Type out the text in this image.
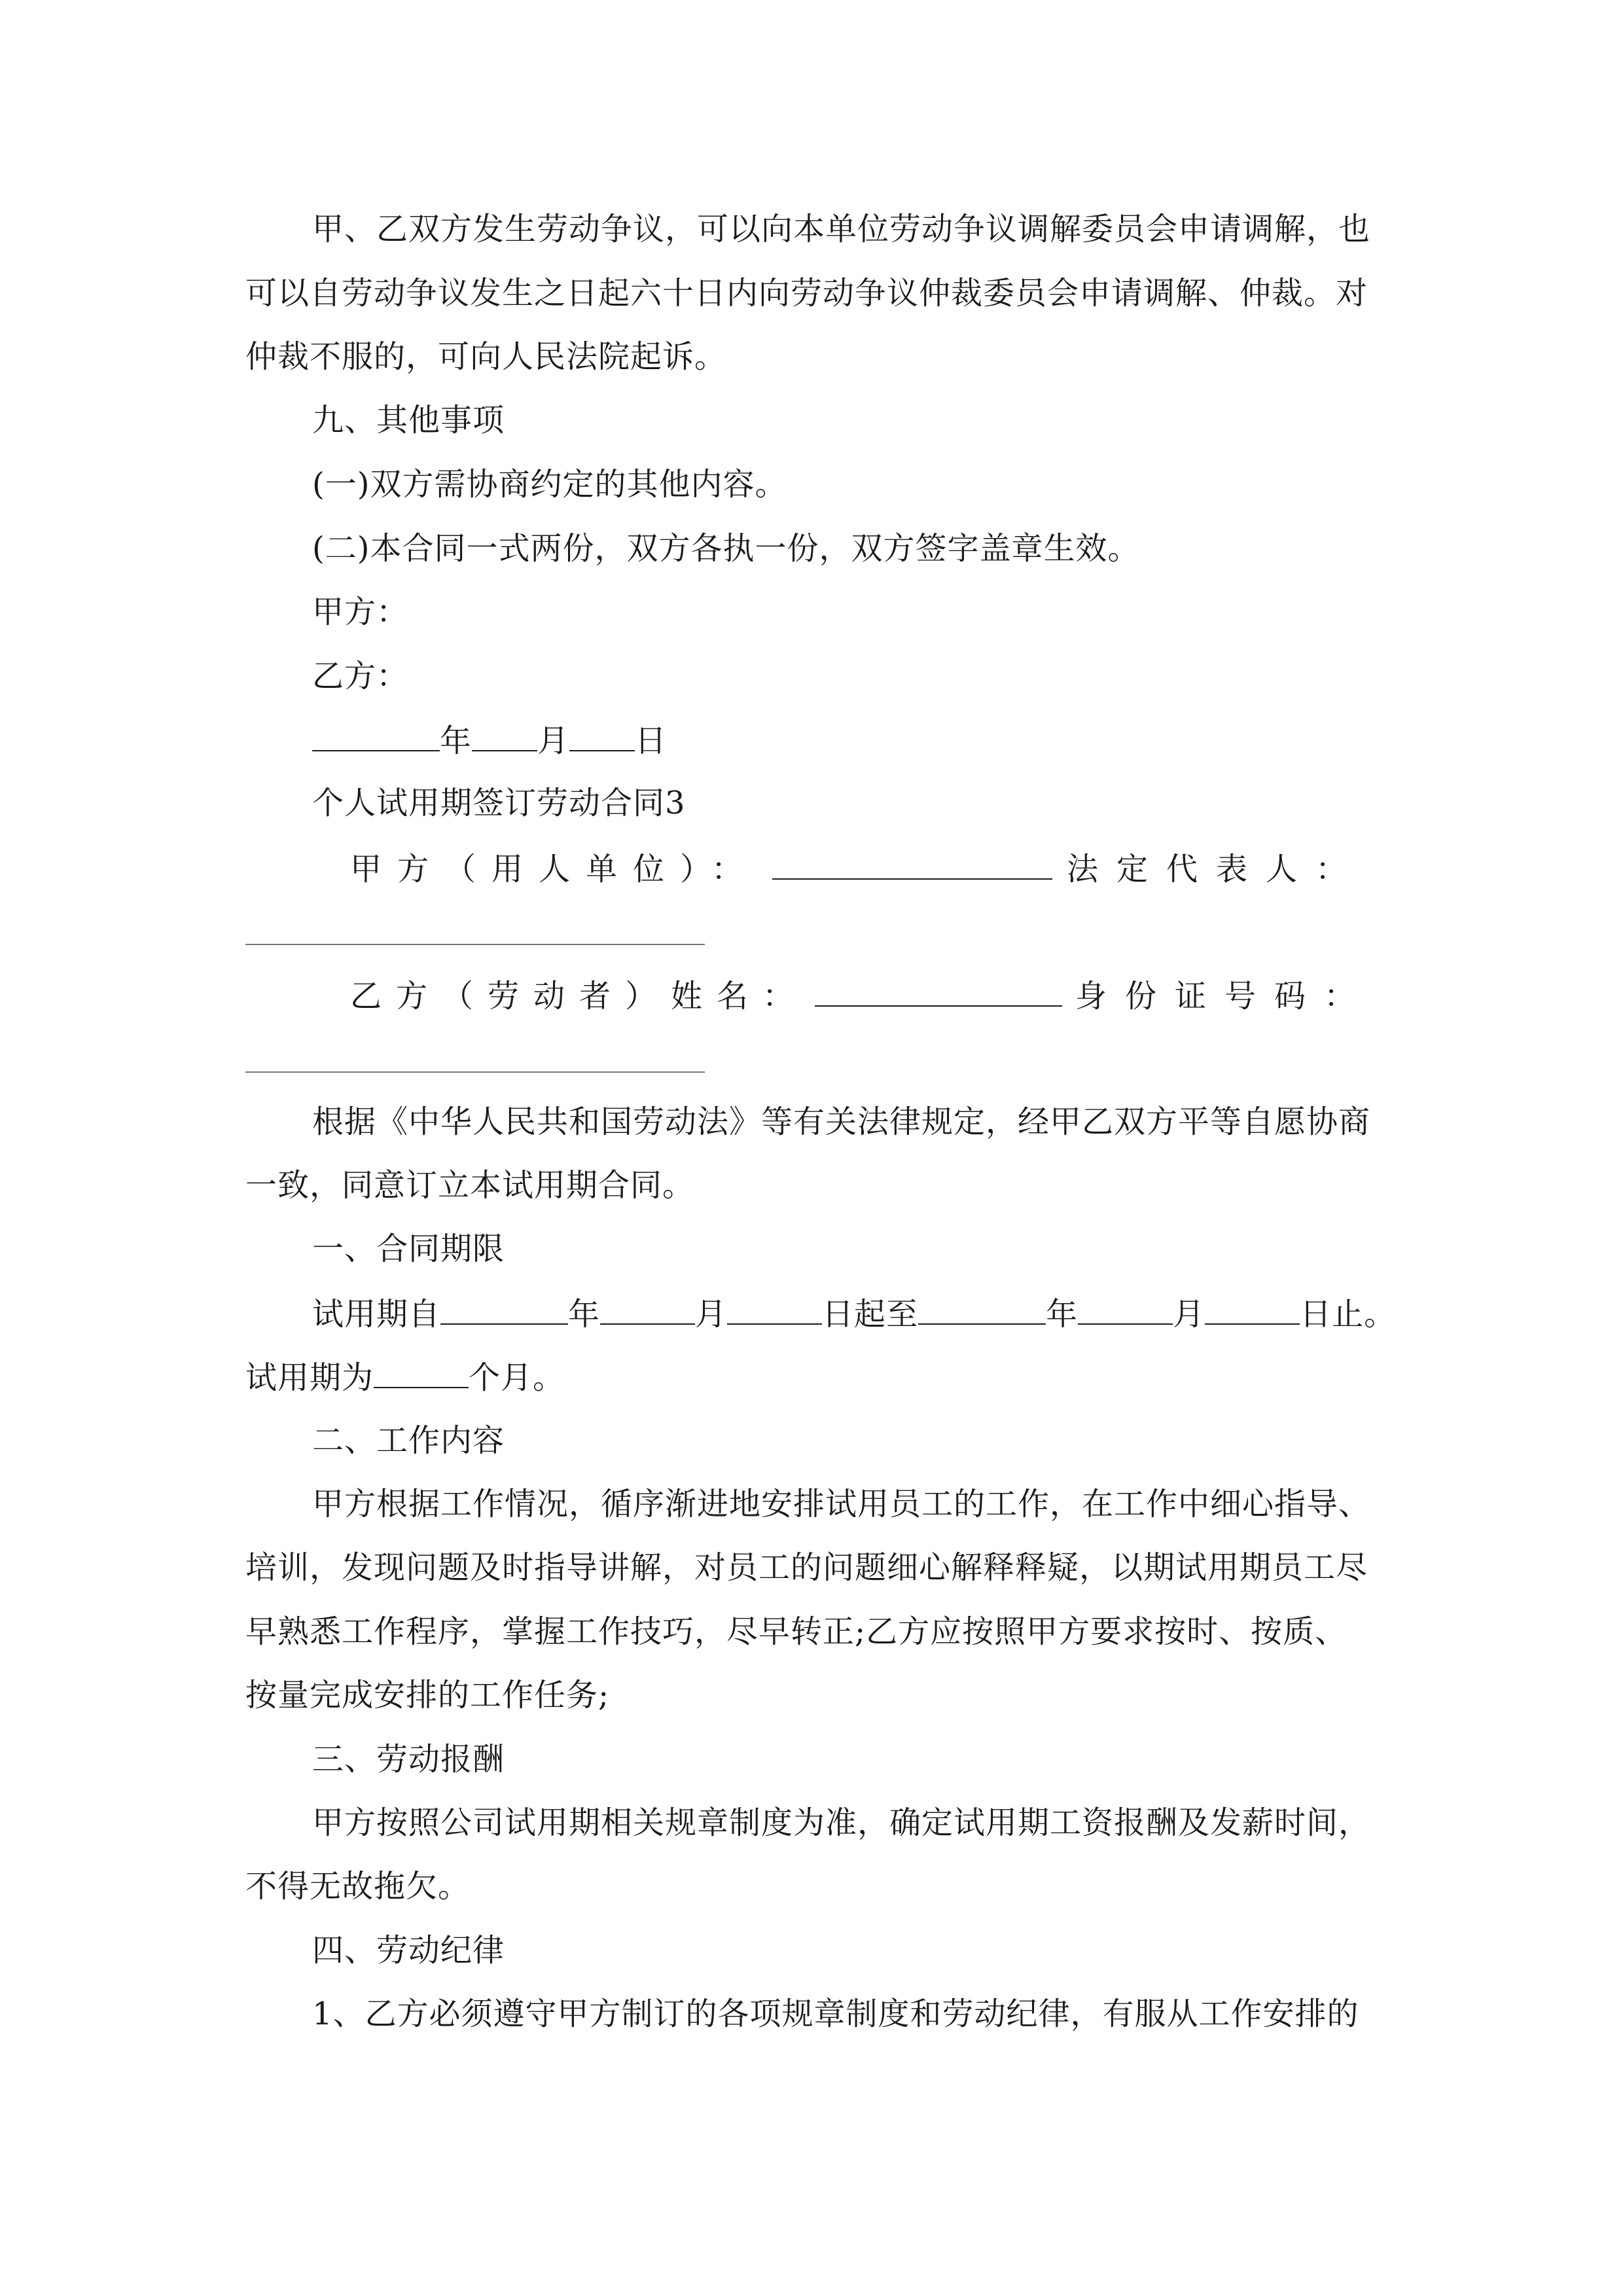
甲、乙双方发生劳动争议，可以向本单位劳动争议调解委员会申请调解，也
可以自劳动争议发生之日起六十日内向劳动争议仲裁委员会申请调解、仲裁。对
仲裁不服的，可向人民法院起诉。
九、其他事项
(一)双方需协商约定的其他内容。
(二)本合同一式两份，双方各执一份，双方签字盖章生效。
甲方：
乙方：
年 月 日
个人试用期签订劳动合同3
甲方（用人单位）：	法定代表人：
乙方（劳动者）姓名：	身份证号码：
根据《中华人民共和国劳动法》等有关法律规定，经甲乙双方平等自愿协商
一致，同意订立本试用期合同。
一、合同期限
试用期自	年	月	日起至	年	月	日止。
试用期为	个月。
二、工作内容
甲方根据工作情况，循序渐进地安排试用员工的工作，在工作中细心指导、
培训，发现问题及时指导讲解，对员工的问题细心解释释疑，以期试用期员工尽
早熟悉工作程序，掌握工作技巧，尽早转正;乙方应按照甲方要求按时、按质、
按量完成安排的工作任务;
三、劳动报酬
甲方按照公司试用期相关规章制度为准，确定试用期工资报酬及发薪时间，
不得无故拖欠。
四、劳动纪律
1、乙方必须遵守甲方制订的各项规章制度和劳动纪律，有服从工作安排的
